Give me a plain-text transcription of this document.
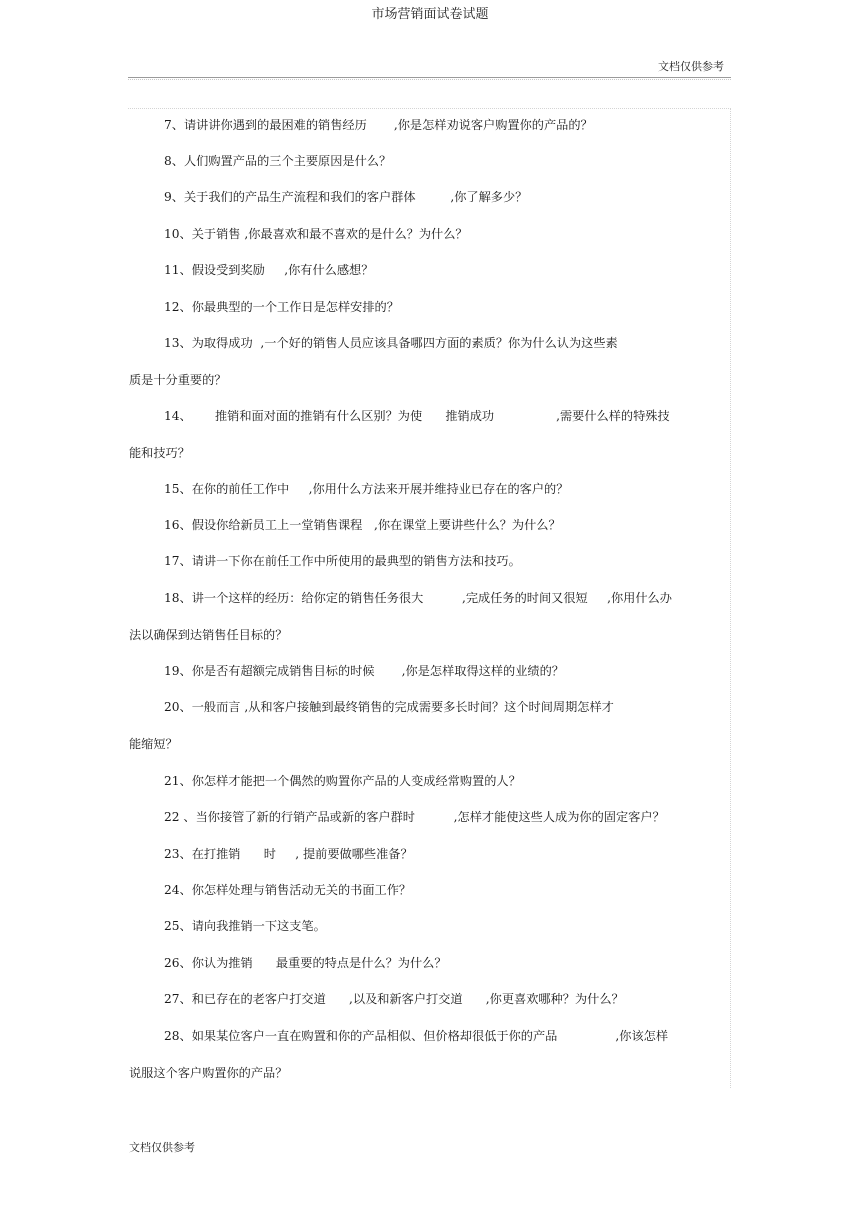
市场营销面试卷试题
文档仅供参考
7、请讲讲你遇到的最困难的销售经历       ,你是怎样劝说客户购置你的产品的？
8、人们购置产品的三个主要原因是什么？
9、关于我们的产品生产流程和我们的客户群体         ,你了解多少？
10、关于销售 ,你最喜欢和最不喜欢的是什么？为什么？
11、假设受到奖励     ,你有什么感想？
12、你最典型的一个工作日是怎样安排的？
13、为取得成功  ,一个好的销售人员应该具备哪四方面的素质？你为什么认为这些素
质是十分重要的？
14、      推销和面对面的推销有什么区别？为使      推销成功                ,需要什么样的特殊技
能和技巧？
15、在你的前任工作中     ,你用什么方法来开展并维持业已存在的客户的？
16、假设你给新员工上一堂销售课程   ,你在课堂上要讲些什么？为什么？
17、请讲一下你在前任工作中所使用的最典型的销售方法和技巧。
18、讲一个这样的经历：给你定的销售任务很大          ,完成任务的时间又很短     ,你用什么办
法以确保到达销售任目标的？
19、你是否有超额完成销售目标的时候       ,你是怎样取得这样的业绩的？
20、一般而言 ,从和客户接触到最终销售的完成需要多长时间？这个时间周期怎样才
能缩短？
21、你怎样才能把一个偶然的购置你产品的人变成经常购置的人？
22 、当你接管了新的行销产品或新的客户群时          ,怎样才能使这些人成为你的固定客户？
23、在打推销      时     , 提前要做哪些准备？
24、你怎样处理与销售活动无关的书面工作？
25、请向我推销一下这支笔。
26、你认为推销      最重要的特点是什么？为什么？
27、和已存在的老客户打交道      ,以及和新客户打交道      ,你更喜欢哪种？为什么？
28、如果某位客户一直在购置和你的产品相似、但价格却很低于你的产品               ,你该怎样
说服这个客户购置你的产品？
文档仅供参考
